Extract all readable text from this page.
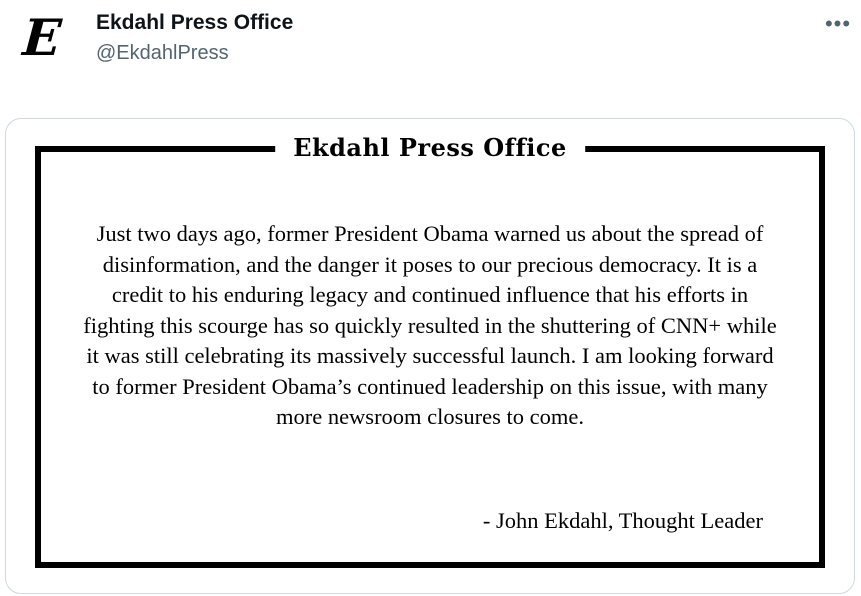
E Ekdahl Press Office
@EkdahlPress
•••
Ekdahl Press Office
Just two days ago, former President Obama warned us about the spread of disinformation, and the danger it poses to our precious democracy. It is a credit to his enduring legacy and continued influence that his efforts in fighting this scourge has so quickly resulted in the shuttering of CNN+ while it was still celebrating its massively successful launch. I am looking forward to former President Obama’s continued leadership on this issue, with many more newsroom closures to come.
- John Ekdahl, Thought Leader
